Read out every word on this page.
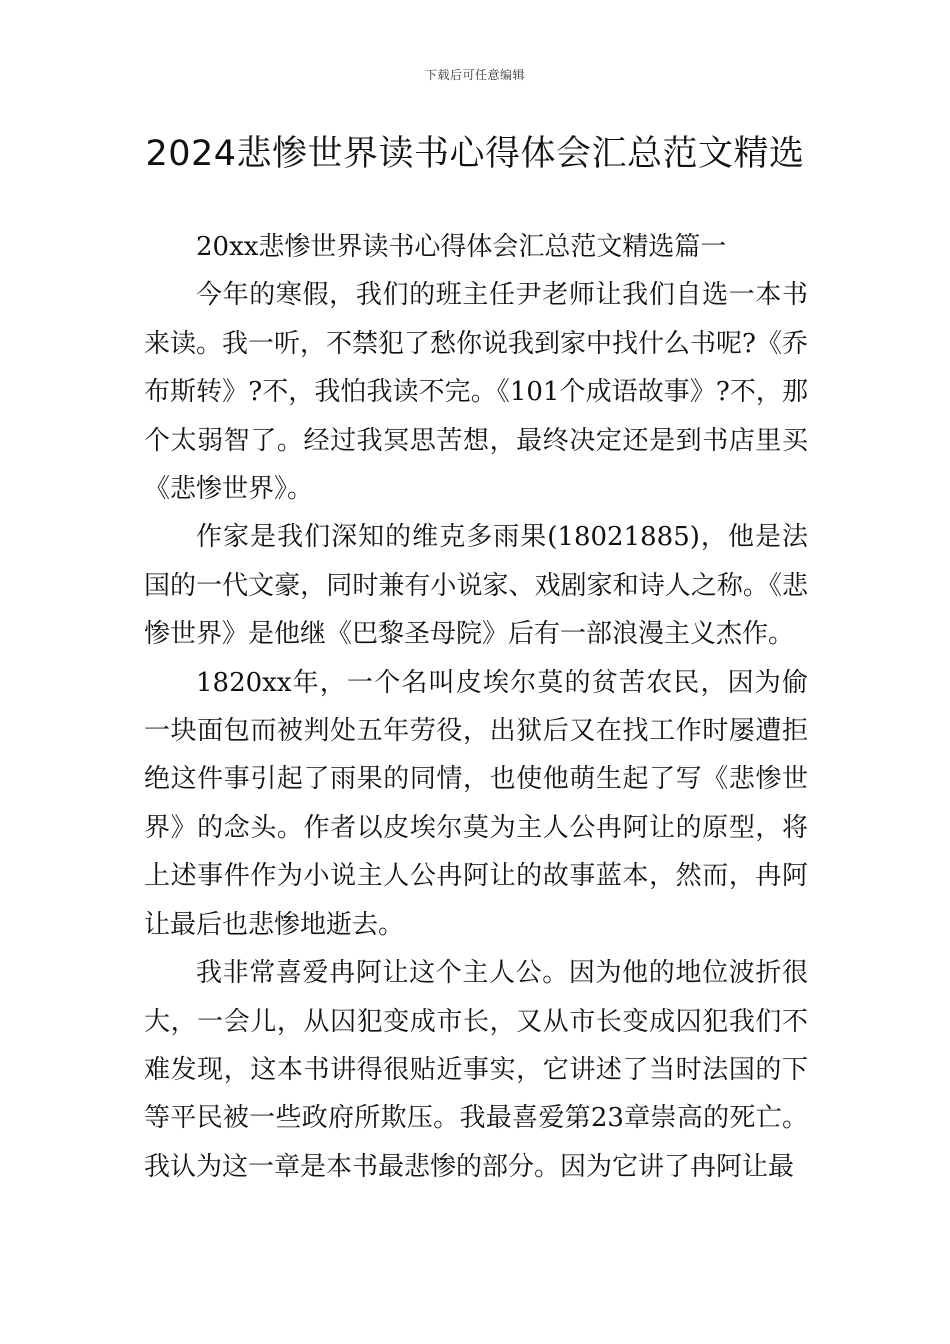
下载后可任意编辑
2024悲惨世界读书心得体会汇总范文精选

20xx悲惨世界读书心得体会汇总范文精选篇一

今年的寒假，我们的班主任尹老师让我们自选一本书来读。我一听，不禁犯了愁你说我到家中找什么书呢?《乔布斯转》?不，我怕我读不完。《101个成语故事》?不，那个太弱智了。经过我冥思苦想，最终决定还是到书店里买《悲惨世界》。

作家是我们深知的维克多雨果(18021885)，他是法国的一代文豪，同时兼有小说家、戏剧家和诗人之称。《悲惨世界》是他继《巴黎圣母院》后有一部浪漫主义杰作。

1820xx年，一个名叫皮埃尔莫的贫苦农民，因为偷一块面包而被判处五年劳役，出狱后又在找工作时屡遭拒绝这件事引起了雨果的同情，也使他萌生起了写《悲惨世界》的念头。作者以皮埃尔莫为主人公冉阿让的原型，将上述事件作为小说主人公冉阿让的故事蓝本，然而，冉阿让最后也悲惨地逝去。

我非常喜爱冉阿让这个主人公。因为他的地位波折很大，一会儿，从囚犯变成市长，又从市长变成囚犯我们不难发现，这本书讲得很贴近事实，它讲述了当时法国的下等平民被一些政府所欺压。我最喜爱第23章崇高的死亡。我认为这一章是本书最悲惨的部分。因为它讲了冉阿让最
